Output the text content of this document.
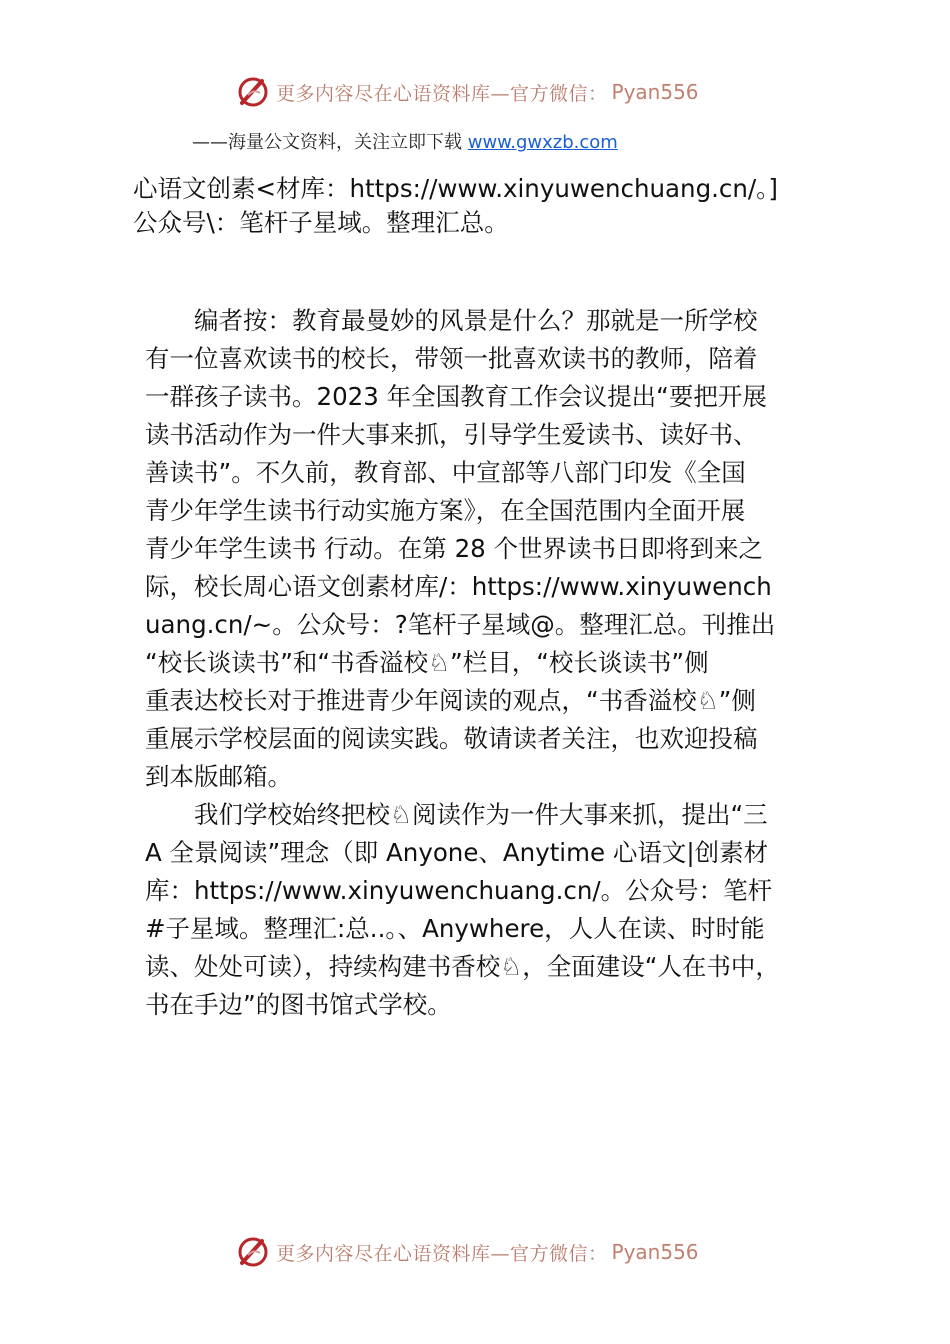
更多内容尽在心语资料库—官方微信： Pyan556
——海量公文资料，关注立即下载 www.gwxzb.com
心语文创素<材库：https://www.xinyuwenchuang.cn/。]
公众号\：笔杆子星域。整理汇总。
　　编者按：教育最曼妙的风景是什么？那就是一所学校
有一位喜欢读书的校长，带领一批喜欢读书的教师，陪着
一群孩子读书。2023 年全国教育工作会议提出“要把开展
读书活动作为一件大事来抓，引导学生爱读书、读好书、
善读书”。不久前，教育部、中宣部等八部门印发《全国
青少年学生读书行动实施方案》，在全国范围内全面开展
青少年学生读书 行动。在第 28 个世界读书日即将到来之
际，校长周心语文创素材库/：https://www.xinyuwench
uang.cn/~。公众号：?笔杆子星域@。整理汇总。刊推出
“校长谈读书”和“书香溢校♘”栏目，“校长谈读书”侧
重表达校长对于推进青少年阅读的观点，“书香溢校♘”侧
重展示学校层面的阅读实践。敬请读者关注，也欢迎投稿
到本版邮箱。
　　我们学校始终把校♘阅读作为一件大事来抓，提出“三
A 全景阅读”理念（即 Anyone、Anytime 心语文|创素材
库：https://www.xinyuwenchuang.cn/。公众号：笔杆
#子星域。整理汇:总..。、Anywhere，人人在读、时时能
读、处处可读），持续构建书香校♘，全面建设“人在书中，
书在手边”的图书馆式学校。
更多内容尽在心语资料库—官方微信： Pyan556
